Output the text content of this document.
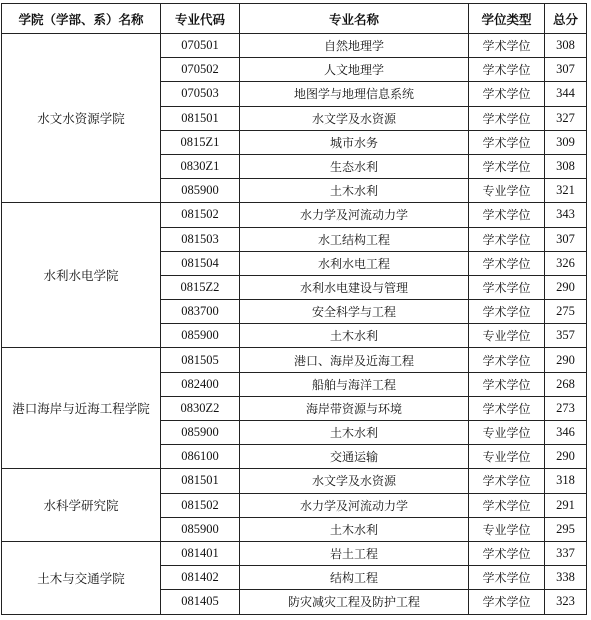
学院（学部、系）名称	专业代码	专业名称	学位类型	总分
水文水资源学院	070501	自然地理学	学术学位	308
	070502	人文地理学	学术学位	307
	070503	地图学与地理信息系统	学术学位	344
	081501	水文学及水资源	学术学位	327
	0815Z1	城市水务	学术学位	309
	0830Z1	生态水利	学术学位	308
	085900	土木水利	专业学位	321
水利水电学院	081502	水力学及河流动力学	学术学位	343
	081503	水工结构工程	学术学位	307
	081504	水利水电工程	学术学位	326
	0815Z2	水利水电建设与管理	学术学位	290
	083700	安全科学与工程	学术学位	275
	085900	土木水利	专业学位	357
港口海岸与近海工程学院	081505	港口、海岸及近海工程	学术学位	290
	082400	船舶与海洋工程	学术学位	268
	0830Z2	海岸带资源与环境	学术学位	273
	085900	土木水利	专业学位	346
	086100	交通运输	专业学位	290
水科学研究院	081501	水文学及水资源	学术学位	318
	081502	水力学及河流动力学	学术学位	291
	085900	土木水利	专业学位	295
土木与交通学院	081401	岩土工程	学术学位	337
	081402	结构工程	学术学位	338
	081405	防灾减灾工程及防护工程	学术学位	323
